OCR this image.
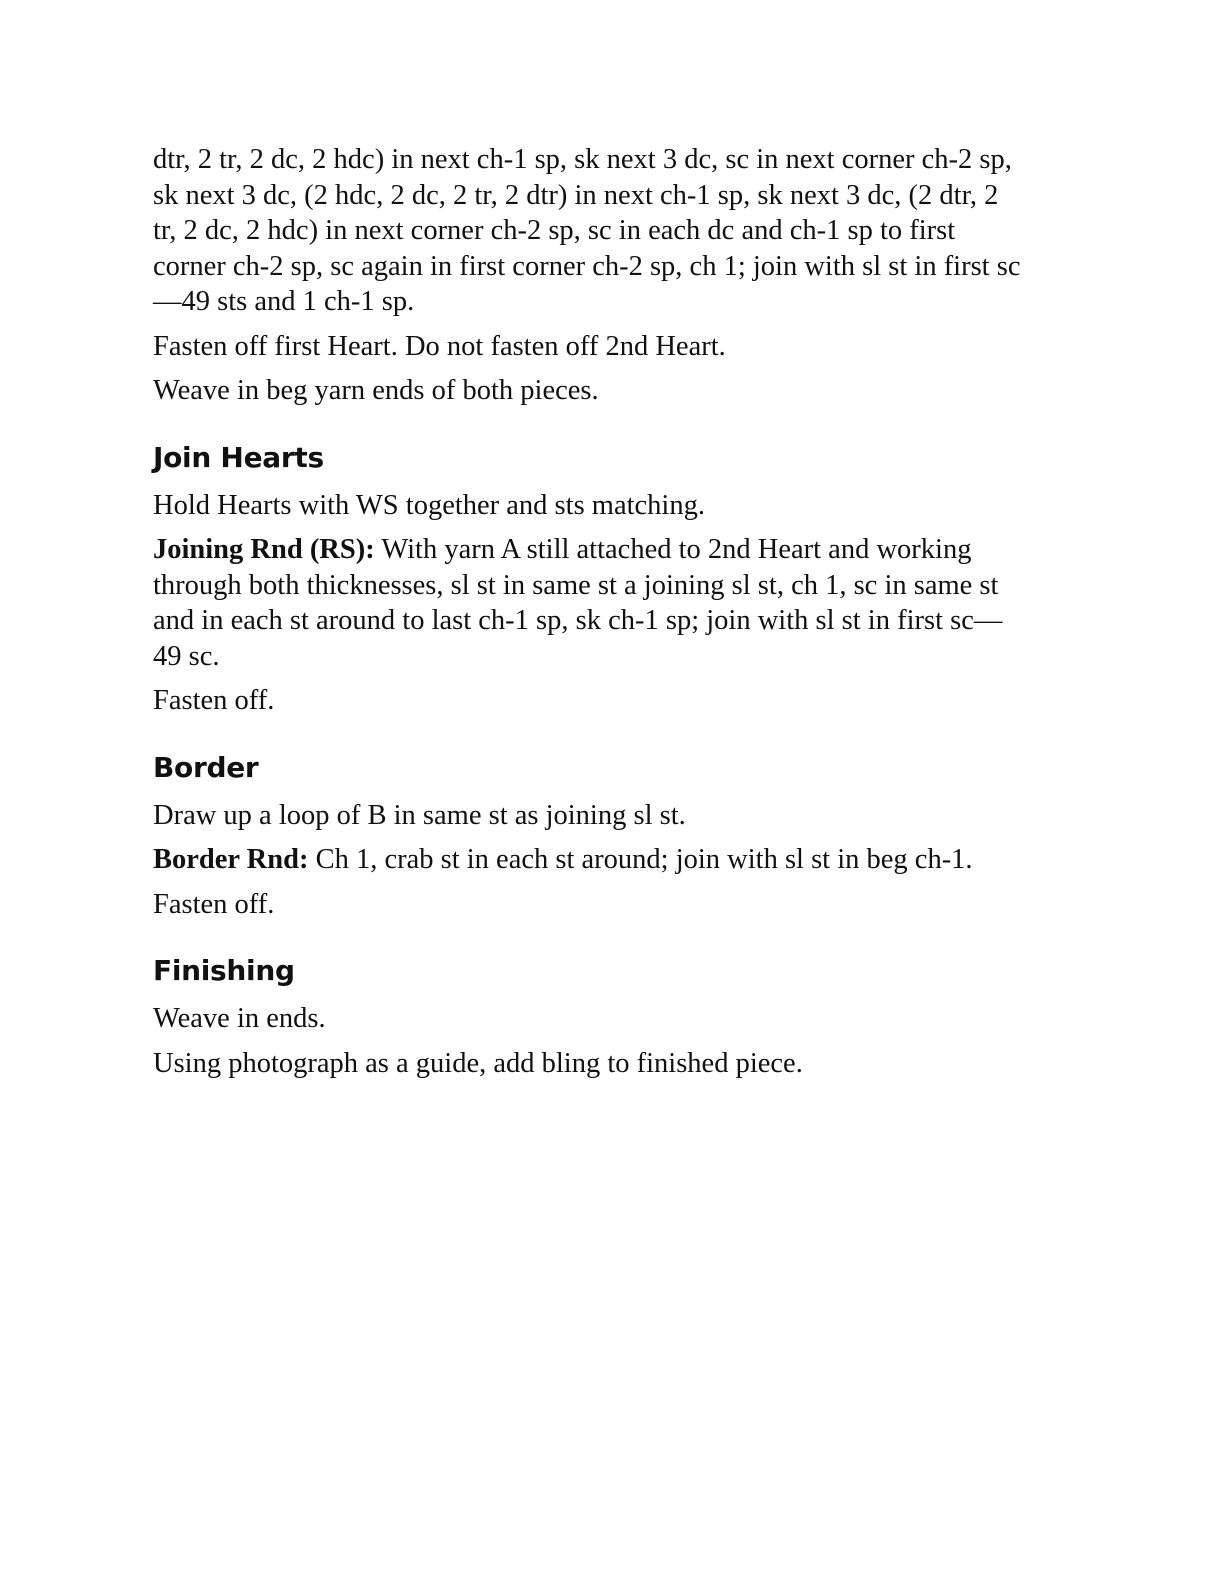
dtr, 2 tr, 2 dc, 2 hdc) in next ch-1 sp, sk next 3 dc, sc in next corner ch-2 sp,
sk next 3 dc, (2 hdc, 2 dc, 2 tr, 2 dtr) in next ch-1 sp, sk next 3 dc, (2 dtr, 2
tr, 2 dc, 2 hdc) in next corner ch-2 sp, sc in each dc and ch-1 sp to first
corner ch-2 sp, sc again in first corner ch-2 sp, ch 1; join with sl st in first sc
—49 sts and 1 ch-1 sp.

Fasten off first Heart. Do not fasten off 2nd Heart.

Weave in beg yarn ends of both pieces.

Join Hearts

Hold Hearts with WS together and sts matching.

Joining Rnd (RS): With yarn A still attached to 2nd Heart and working
through both thicknesses, sl st in same st a joining sl st, ch 1, sc in same st
and in each st around to last ch-1 sp, sk ch-1 sp; join with sl st in first sc—
49 sc.

Fasten off.

Border

Draw up a loop of B in same st as joining sl st.

Border Rnd: Ch 1, crab st in each st around; join with sl st in beg ch-1.

Fasten off.

Finishing

Weave in ends.

Using photograph as a guide, add bling to finished piece.
